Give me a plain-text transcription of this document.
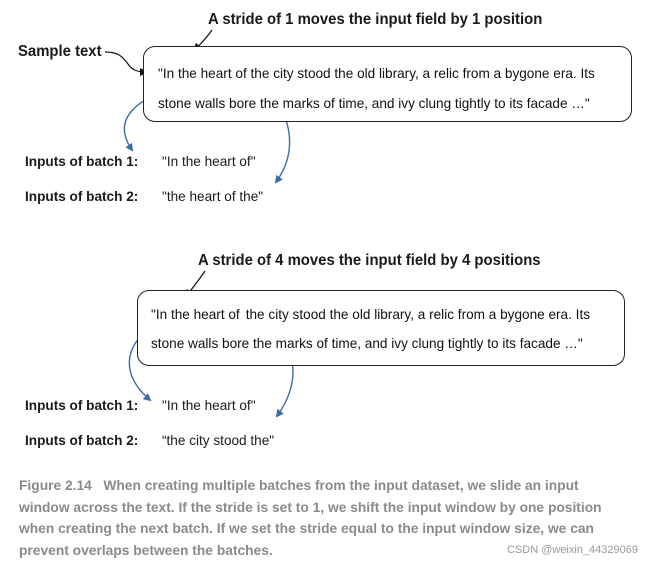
A stride of 1 moves the input field by 1 position
Sample text
"In the heart of the city stood the old library, a relic from a bygone era. Its
stone walls bore the marks of time, and ivy clung tightly to its facade …"
Inputs of batch 1: "In the heart of"
Inputs of batch 2: "the heart of the"
A stride of 4 moves the input field by 4 positions
"In the heart of the city stood the old library, a relic from a bygone era. Its
stone walls bore the marks of time, and ivy clung tightly to its facade …"
Inputs of batch 1: "In the heart of"
Inputs of batch 2: “the city stood the"
Figure 2.14 When creating multiple batches from the input dataset, we slide an input window across the text. If the stride is set to 1, we shift the input window by one position when creating the next batch. If we set the stride equal to the input window size, we can prevent overlaps between the batches.	CSDN @weixin_44329069
